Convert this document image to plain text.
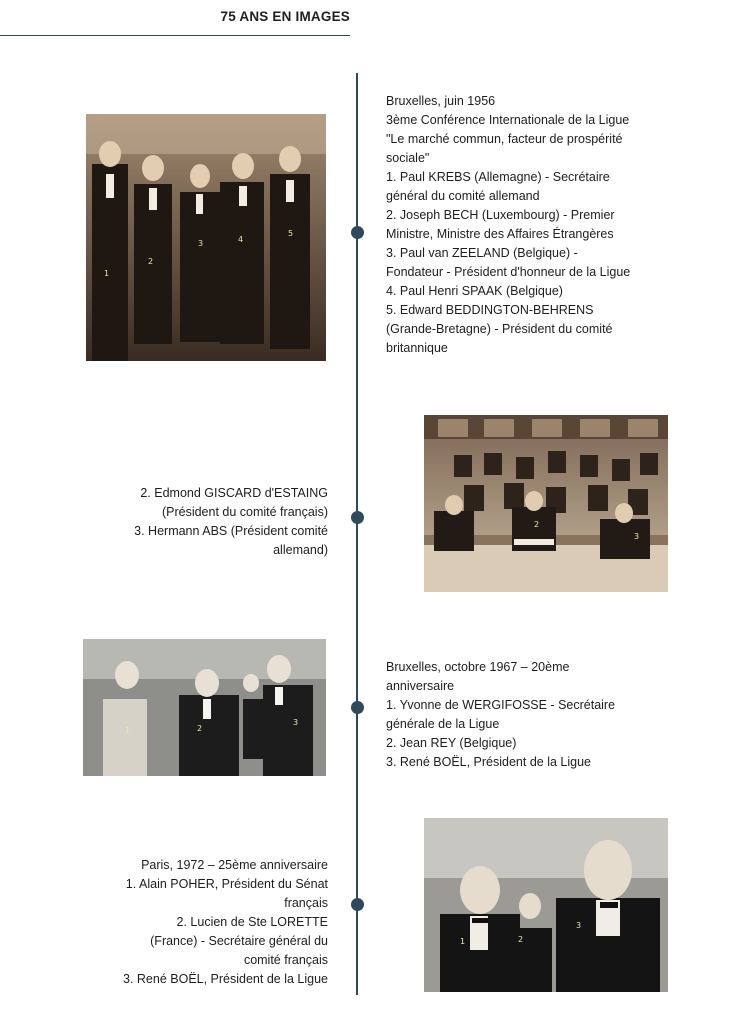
75 ANS EN IMAGES
1
2
3	4
5
Bruxelles, juin 1956
3ème Conférence Internationale de la Ligue
"Le marché commun, facteur de prospérité
sociale"
1. Paul KREBS (Allemagne) - Secrétaire
général du comité allemand
2. Joseph BECH (Luxembourg) - Premier
Ministre, Ministre des Affaires Étrangères
3. Paul van ZEELAND (Belgique) -
Fondateur - Président d'honneur de la Ligue
4. Paul Henri SPAAK (Belgique)
5. Edward BEDDINGTON-BEHRENS
(Grande-Bretagne) - Président du comité
britannique
2. Edmond GISCARD d'ESTAING
(Président du comité français)
3. Hermann ABS (Président comité
allemand)
2
3
1	2
3
Bruxelles, octobre 1967 – 20ème
anniversaire
1. Yvonne de WERGIFOSSE - Secrétaire
générale de la Ligue
2. Jean REY (Belgique)
3. René BOËL, Président de la Ligue
Paris, 1972 – 25ème anniversaire
1. Alain POHER, Président du Sénat
français
2. Lucien de Ste LORETTE
(France) - Secrétaire général du
comité français
3. René BOËL, Président de la Ligue
1	2
3
